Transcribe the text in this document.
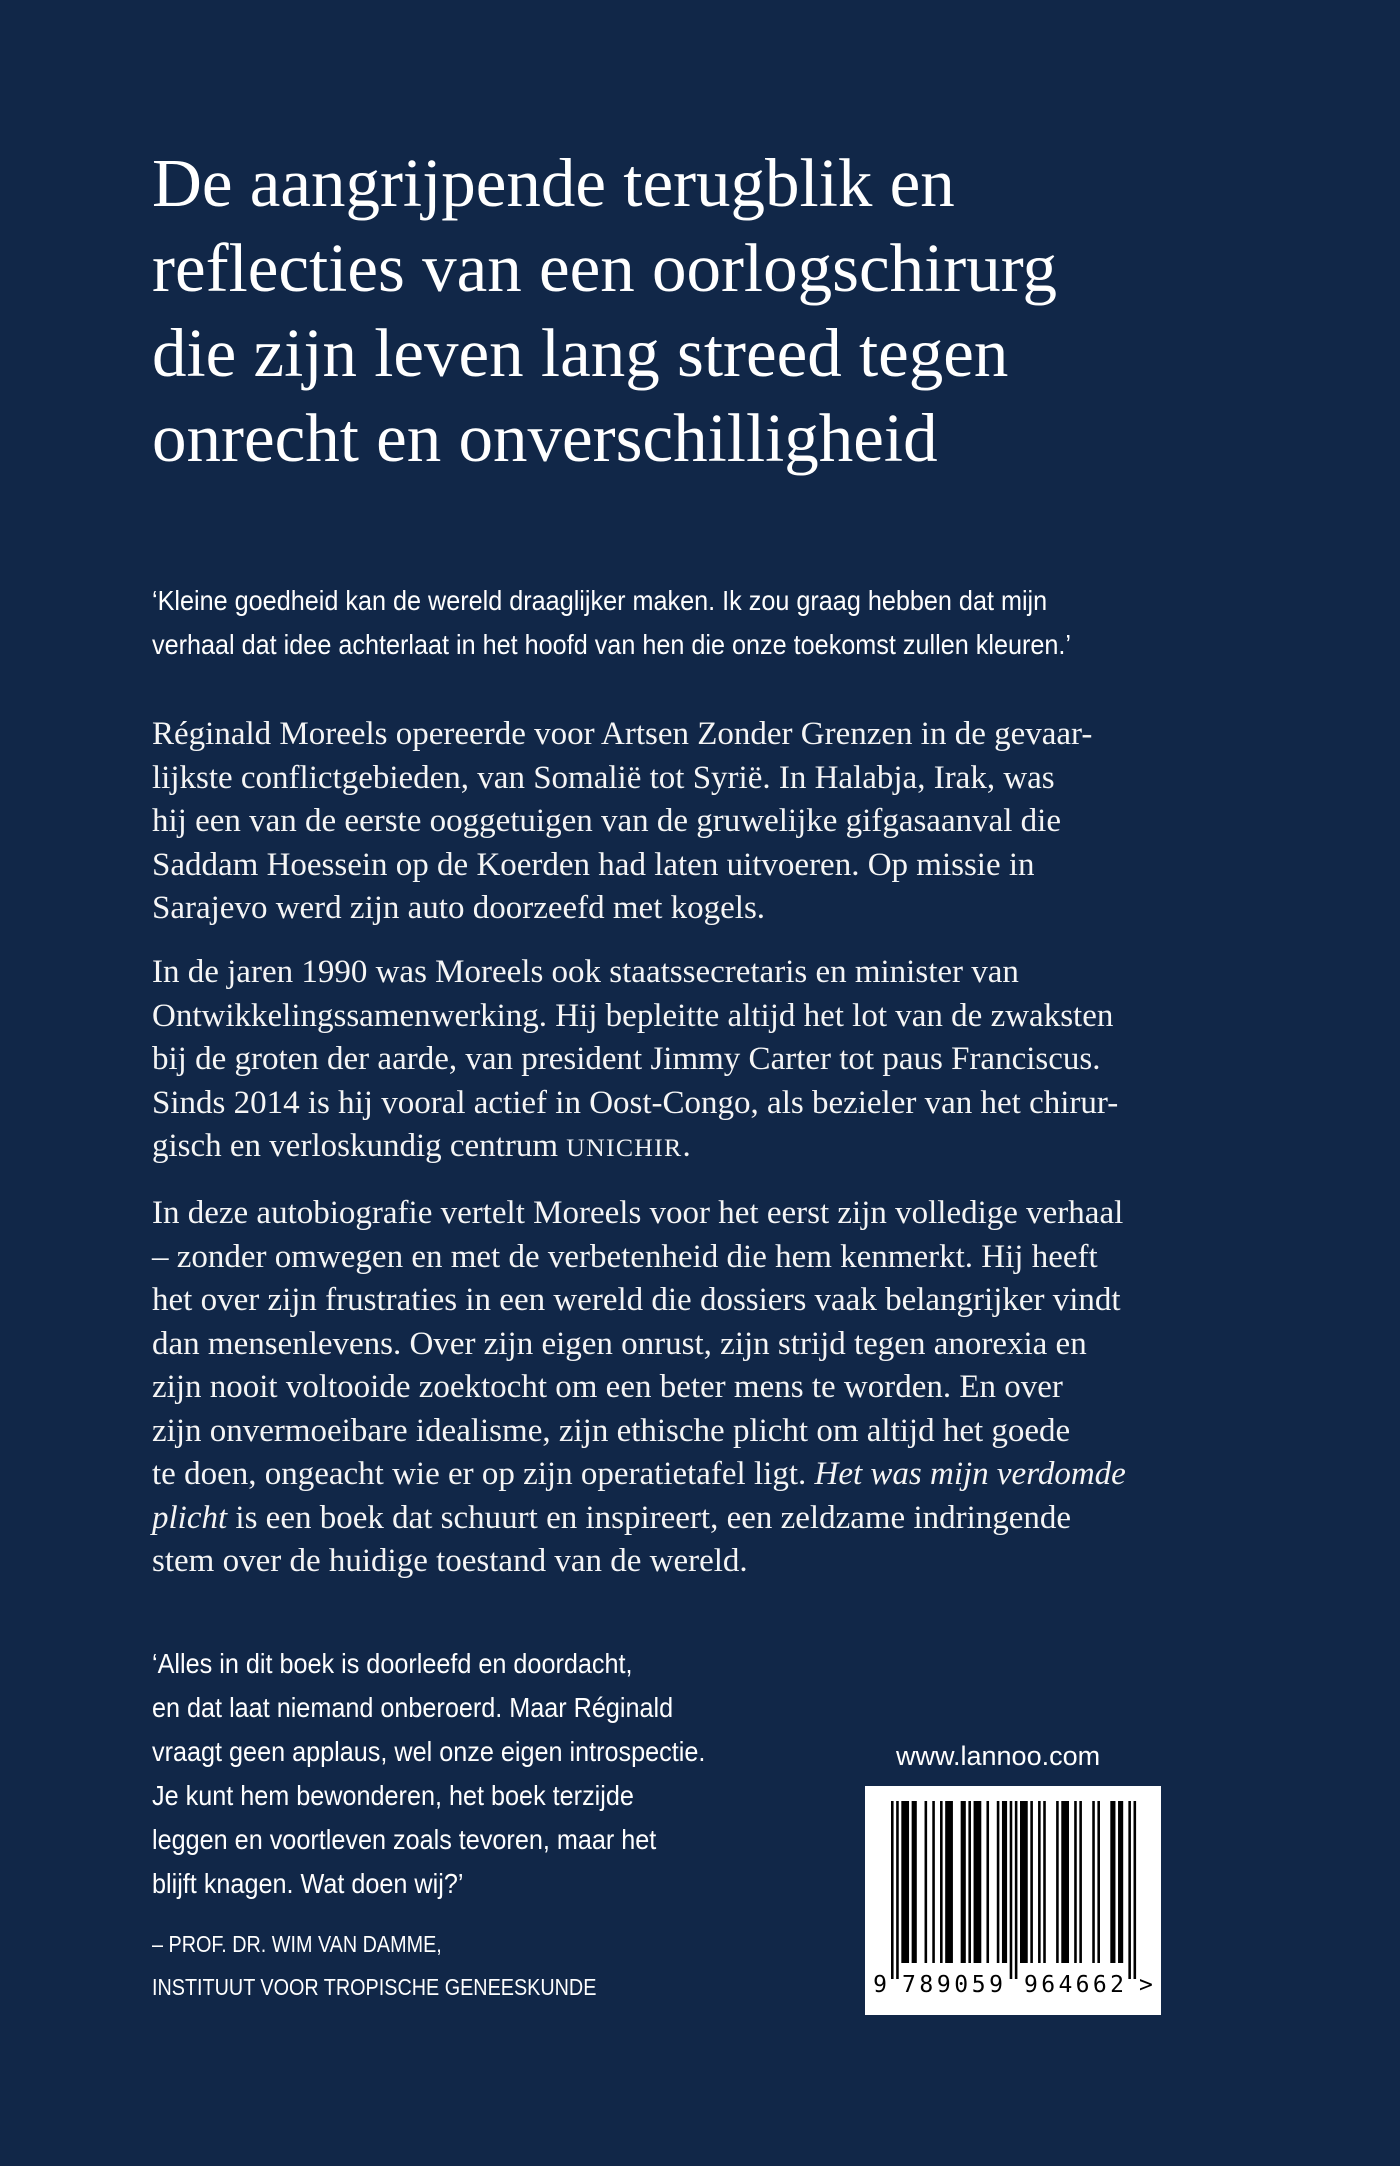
De aangrijpende terugblik en
reflecties van een oorlogschirurg
die zijn leven lang streed tegen
onrecht en onverschilligheid
‘Kleine goedheid kan de wereld draaglijker maken. Ik zou graag hebben dat mijn
verhaal dat idee achterlaat in het hoofd van hen die onze toekomst zullen kleuren.’

Réginald Moreels opereerde voor Artsen Zonder Grenzen in de gevaar-
lijkste conflictgebieden, van Somalië tot Syrië. In Halabja, Irak, was
hij een van de eerste ooggetuigen van de gruwelijke gifgasaanval die
Saddam Hoessein op de Koerden had laten uitvoeren. Op missie in
Sarajevo werd zijn auto doorzeefd met kogels.

In de jaren 1990 was Moreels ook staatssecretaris en minister van
Ontwikkelingssamenwerking. Hij bepleitte altijd het lot van de zwaksten
bij de groten der aarde, van president Jimmy Carter tot paus Franciscus.
Sinds 2014 is hij vooral actief in Oost-Congo, als bezieler van het chirur-
gisch en verloskundig centrum UNICHIR.

In deze autobiografie vertelt Moreels voor het eerst zijn volledige verhaal
– zonder omwegen en met de verbetenheid die hem kenmerkt. Hij heeft
het over zijn frustraties in een wereld die dossiers vaak belangrijker vindt
dan mensenlevens. Over zijn eigen onrust, zijn strijd tegen anorexia en
zijn nooit voltooide zoektocht om een beter mens te worden. En over
zijn onvermoeibare idealisme, zijn ethische plicht om altijd het goede
te doen, ongeacht wie er op zijn operatietafel ligt. Het was mijn verdomde
plicht is een boek dat schuurt en inspireert, een zeldzame indringende
stem over de huidige toestand van de wereld.

‘Alles in dit boek is doorleefd en doordacht,
en dat laat niemand onberoerd. Maar Réginald
vraagt geen applaus, wel onze eigen introspectie.
Je kunt hem bewonderen, het boek terzijde
leggen en voortleven zoals tevoren, maar het
blijft knagen. Wat doen wij?’
– PROF. DR. WIM VAN DAMME,
INSTITUUT VOOR TROPISCHE GENEESKUNDE
www.lannoo.com
9 789059 964662 >
